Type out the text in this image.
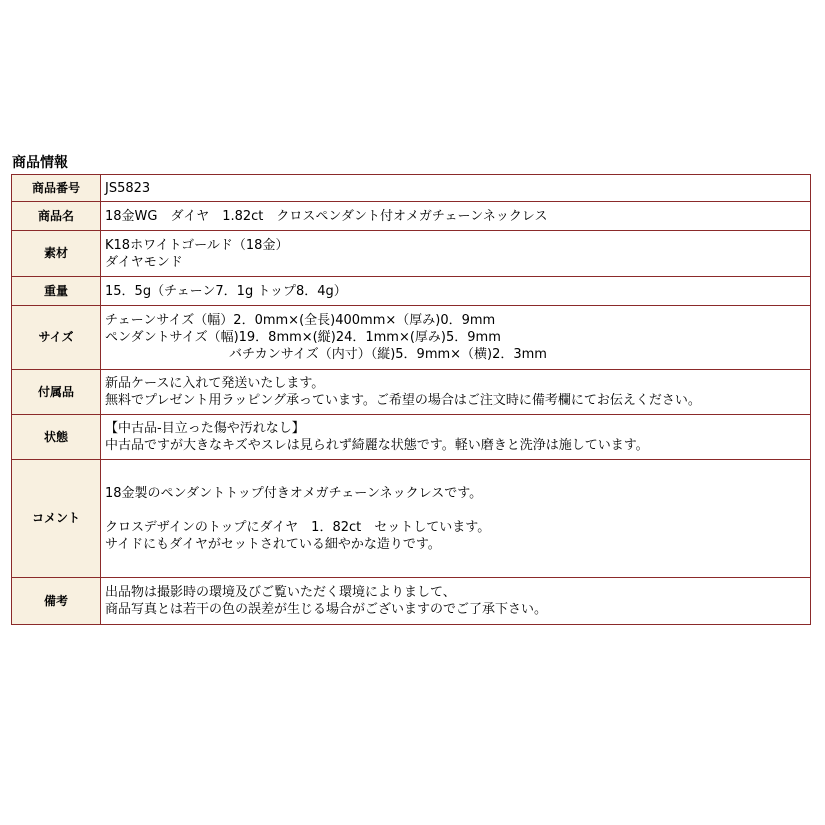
商品情報
商品番号	JS5823

商品名	18金WG　ダイヤ　1.82ct　クロスペンダント付オメガチェーンネックレス

素材	K18ホワイトゴールド（18金）
ダイヤモンド

重量	15．5g（チェーン7．1g トップ8．4g）

サイズ	チェーンサイズ（幅）2．0mm×(全長)400mm×（厚み)0．9mm
ペンダントサイズ（幅)19．8mm×(縦)24．1mm×(厚み)5．9mm
バチカンサイズ（内寸）（縦)5．9mm×（横)2．3mm

付属品	新品ケースに入れて発送いたします。
無料でプレゼント用ラッピング承っています。ご希望の場合はご注文時に備考欄にてお伝えください。

状態	【中古品-目立った傷や汚れなし】
中古品ですが大きなキズやスレは見られず綺麗な状態です。軽い磨きと洗浄は施しています。

コメント	18金製のペンダントトップ付きオメガチェーンネックレスです。
クロスデザインのトップにダイヤ　1．82ct　セットしています。
サイドにもダイヤがセットされている細やかな造りです。

備考	出品物は撮影時の環境及びご覧いただく環境によりまして、
商品写真とは若干の色の誤差が生じる場合がございますのでご了承下さい。
